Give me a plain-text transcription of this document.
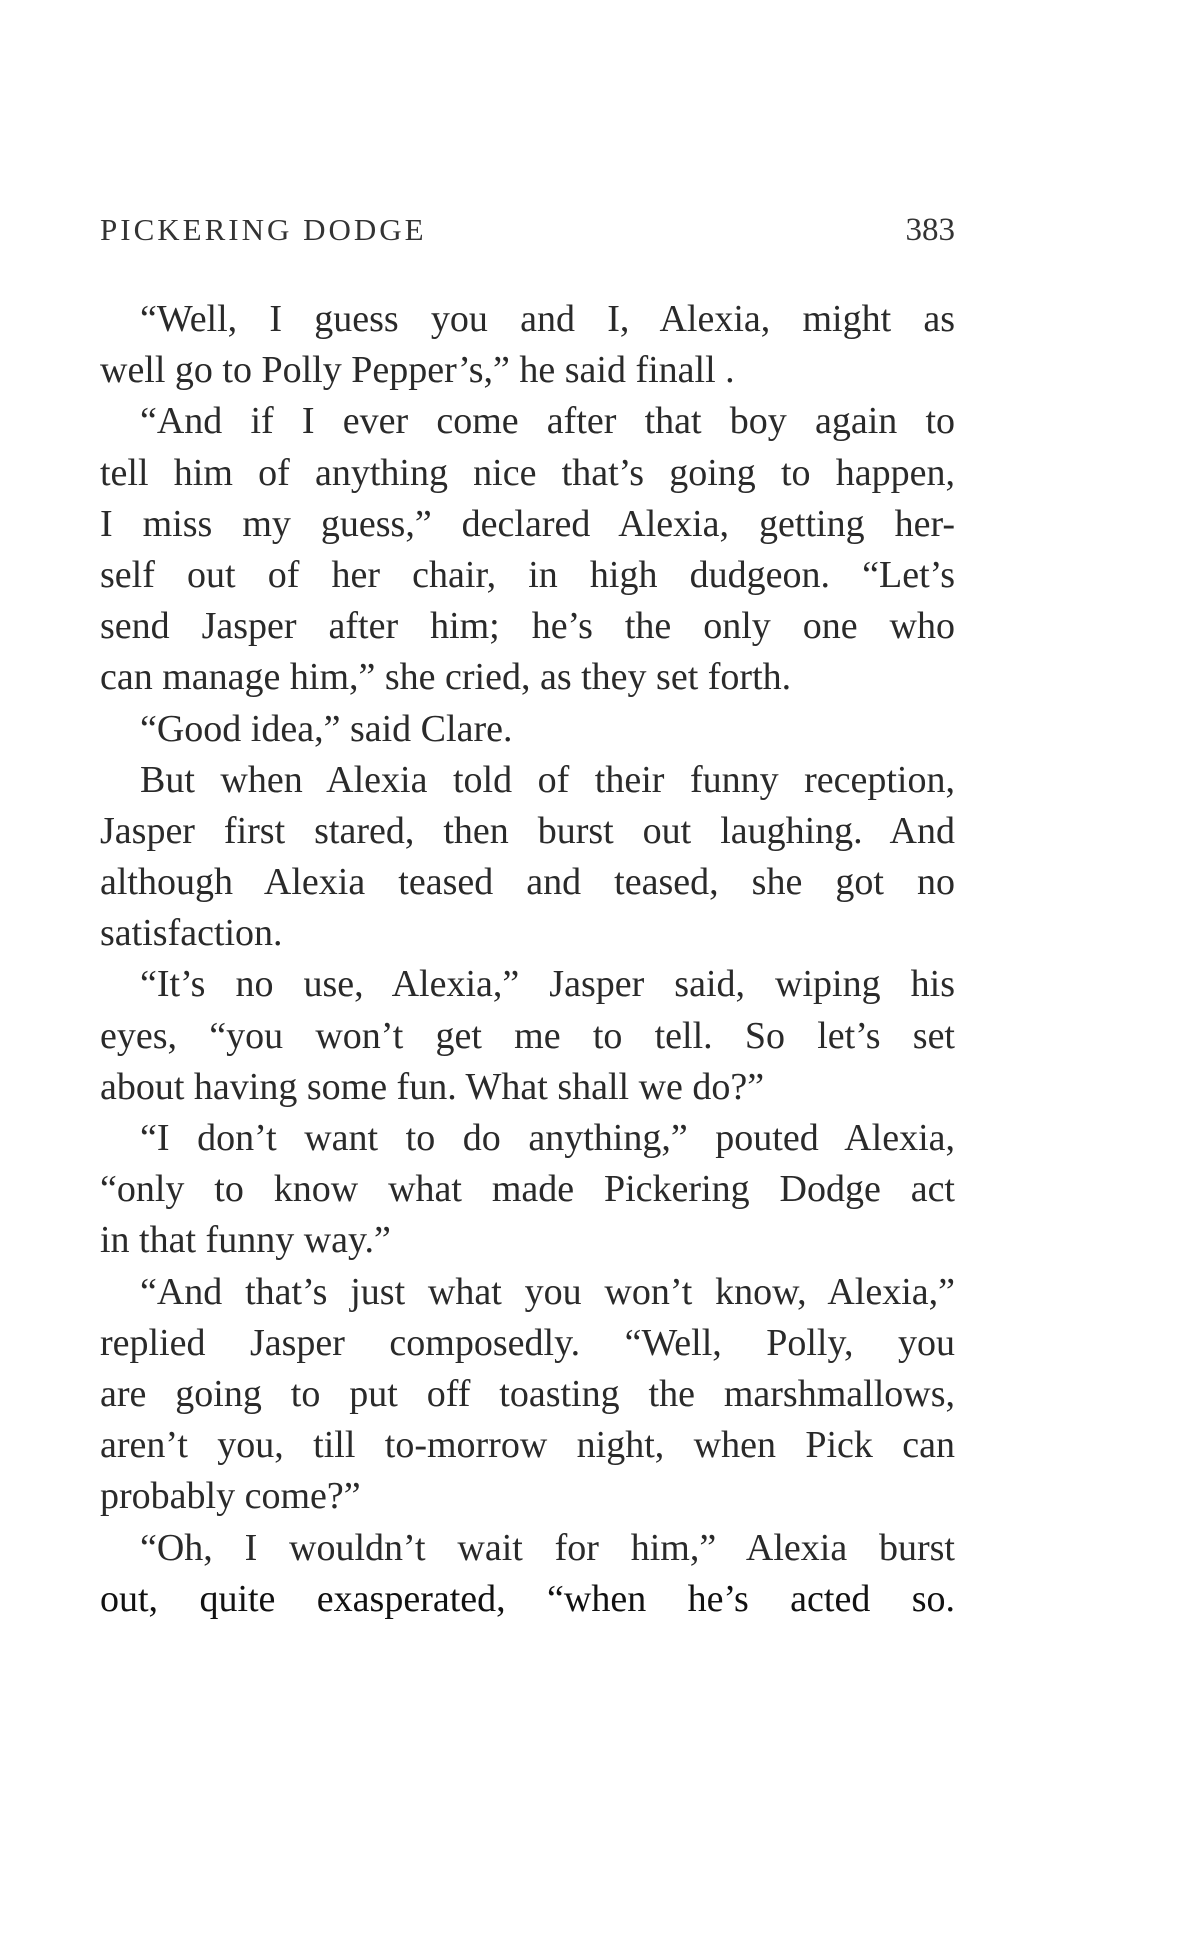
PICKERING DODGE	383
“Well, I guess you and I, Alexia, might as
well go to Polly Pepper’s,” he said finall .
“And if I ever come after that boy again to
tell him of anything nice that’s going to happen,
I miss my guess,” declared Alexia, getting her-
self out of her chair, in high dudgeon. “Let’s
send Jasper after him; he’s the only one who
can manage him,” she cried, as they set forth.
“Good idea,” said Clare.
But when Alexia told of their funny reception,
Jasper first stared, then burst out laughing. And
although Alexia teased and teased, she got no
satisfaction.
“It’s no use, Alexia,” Jasper said, wiping his
eyes, “you won’t get me to tell. So let’s set
about having some fun. What shall we do?”
“I don’t want to do anything,” pouted Alexia,
“only to know what made Pickering Dodge act
in that funny way.”
“And that’s just what you won’t know, Alexia,”
replied Jasper composedly. “Well, Polly, you
are going to put off toasting the marshmallows,
aren’t you, till to-morrow night, when Pick can
probably come?”
“Oh, I wouldn’t wait for him,” Alexia burst
out, quite exasperated, “when he’s acted so.
